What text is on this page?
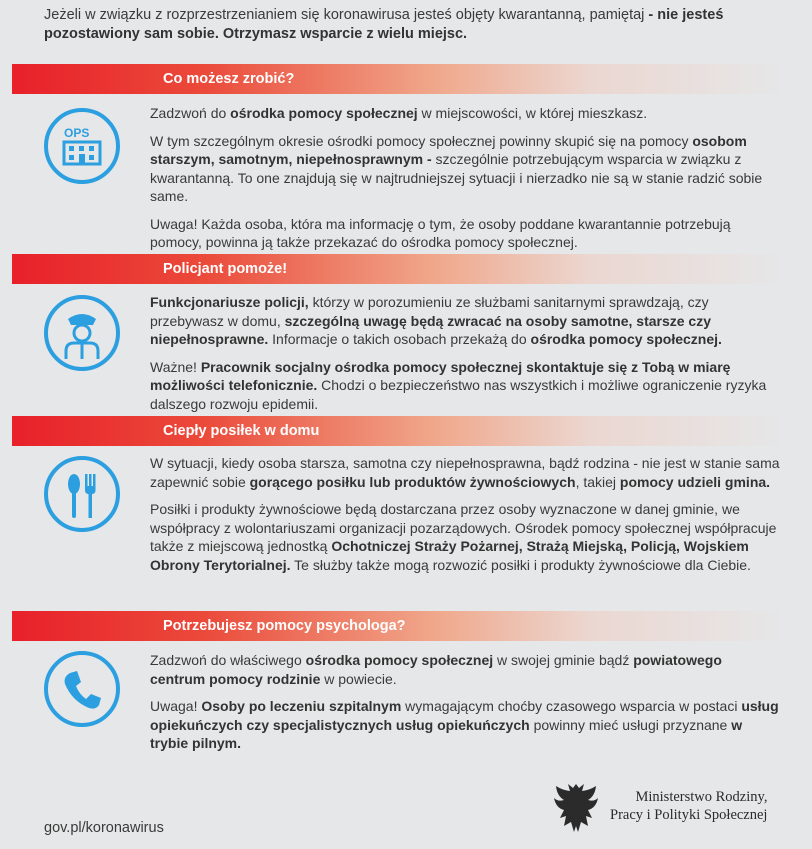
Jeżeli w związku z rozprzestrzenianiem się koronawirusa jesteś objęty kwarantanną, pamiętaj - nie jesteś pozostawiony sam sobie. Otrzymasz wsparcie z wielu miejsc.
Co możesz zrobić?
OPS

Zadzwoń do ośrodka pomocy społecznej w miejscowości, w której mieszkasz.

W tym szczególnym okresie ośrodki pomocy społecznej powinny skupić się na pomocy osobom starszym, samotnym, niepełnosprawnym - szczególnie potrzebującym wsparcia w związku z kwarantanną. To one znajdują się w najtrudniejszej sytuacji i nierzadko nie są w stanie radzić sobie same.

Uwaga! Każda osoba, która ma informację o tym, że osoby poddane kwarantannie potrzebują pomocy, powinna ją także przekazać do ośrodka pomocy społecznej.

Policjant pomoże!

Funkcjonariusze policji, którzy w porozumieniu ze służbami sanitarnymi sprawdzają, czy przebywasz w domu, szczególną uwagę będą zwracać na osoby samotne, starsze czy niepełnosprawne. Informacje o takich osobach przekażą do ośrodka pomocy społecznej.

Ważne! Pracownik socjalny ośrodka pomocy społecznej skontaktuje się z Tobą w miarę możliwości telefonicznie. Chodzi o bezpieczeństwo nas wszystkich i możliwe ograniczenie ryzyka dalszego rozwoju epidemii.

Ciepły posiłek w domu

W sytuacji, kiedy osoba starsza, samotna czy niepełnosprawna, bądź rodzina - nie jest w stanie sama zapewnić sobie gorącego posiłku lub produktów żywnościowych, takiej pomocy udzieli gmina.

Posiłki i produkty żywnościowe będą dostarczana przez osoby wyznaczone w danej gminie, we współpracy z wolontariuszami organizacji pozarządowych. Ośrodek pomocy społecznej współpracuje także z miejscową jednostką Ochotniczej Straży Pożarnej, Strażą Miejską, Policją, Wojskiem Obrony Terytorialnej. Te służby także mogą rozwozić posiłki i produkty żywnościowe dla Ciebie.

Potrzebujesz pomocy psychologa?

Zadzwoń do właściwego ośrodka pomocy społecznej w swojej gminie bądź powiatowego centrum pomocy rodzinie w powiecie.

Uwaga! Osoby po leczeniu szpitalnym wymagającym choćby czasowego wsparcia w postaci usług opiekuńczych czy specjalistycznych usług opiekuńczych powinny mieć usługi przyznane w trybie pilnym.

gov.pl/koronawirus
Ministerstwo Rodziny,
Pracy i Polityki Społecznej
